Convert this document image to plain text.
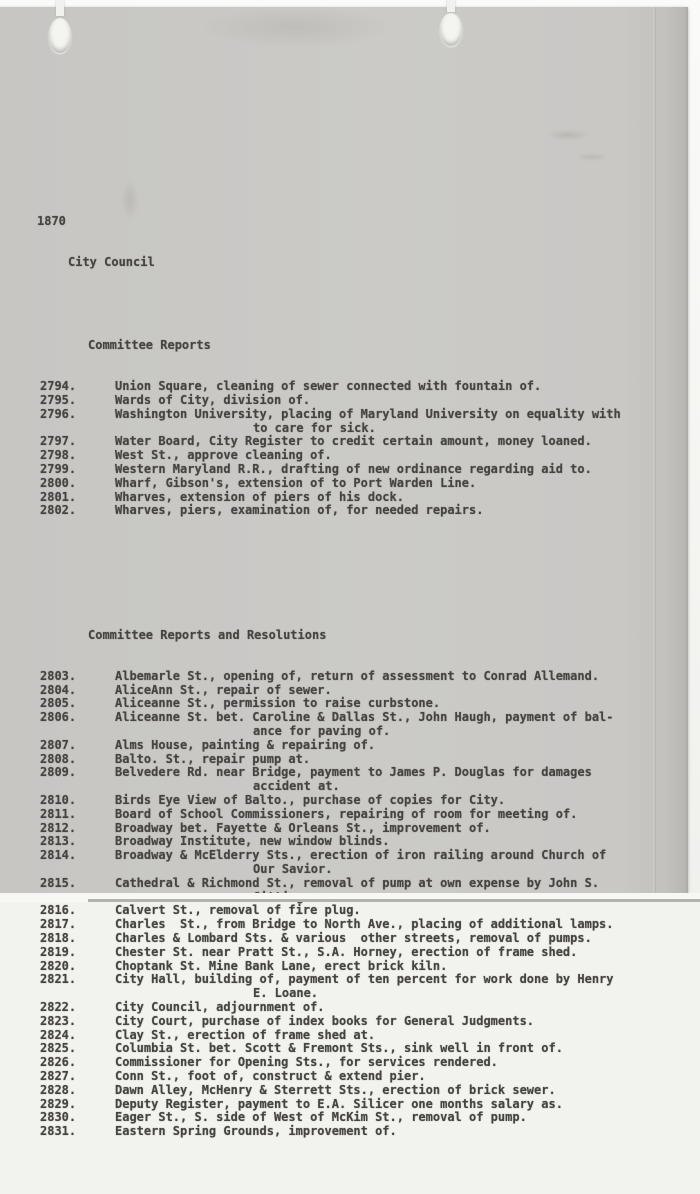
1870

City Council

Committee Reports

2794.	Union Square, cleaning of sewer connected with fountain of.
2795.	Wards of City, division of.
2796.	Washington University, placing of Maryland University on equality with
to care for sick.
2797.	Water Board, City Register to credit certain amount, money loaned.
2798.	West St., approve cleaning of.
2799.	Western Maryland R.R., drafting of new ordinance regarding aid to.
2800.	Wharf, Gibson's, extension of to Port Warden Line.
2801.	Wharves, extension of piers of his dock.
2802.	Wharves, piers, examination of, for needed repairs.

Committee Reports and Resolutions

2803.	Albemarle St., opening of, return of assessment to Conrad Allemand.
2804.	AliceAnn St., repair of sewer.
2805.	Aliceanne St., permission to raise curbstone.
2806.	Aliceanne St. bet. Caroline & Dallas St., John Haugh, payment of bal-
ance for paving of.
2807.	Alms House, painting & repairing of.
2808.	Balto. St., repair pump at.
2809.	Belvedere Rd. near Bridge, payment to James P. Douglas for damages
accident at.
2810.	Birds Eye View of Balto., purchase of copies for City.
2811.	Board of School Commissioners, repairing of room for meeting of.
2812.	Broadway bet. Fayette & Orleans St., improvement of.
2813.	Broadway Institute, new window blinds.
2814.	Broadway & McElderry Sts., erection of iron railing around Church of
Our Savior.
2815.	Cathedral & Richmond St., removal of pump at own expense by John S.
2816.	Calvert St., removal of fire plug.
2817.	Charles  St., from Bridge to North Ave., placing of additional lamps.
2818.	Charles & Lombard Sts. & various  other streets, removal of pumps.
2819.	Chester St. near Pratt St., S.A. Horney, erection of frame shed.
2820.	Choptank St. Mine Bank Lane, erect brick kiln.
2821.	City Hall, building of, payment of ten percent for work done by Henry
E. Loane.
2822.	City Council, adjournment of.
2823.	City Court, purchase of index books for General Judgments.
2824.	Clay St., erection of frame shed at.
2825.	Columbia St. bet. Scott & Fremont Sts., sink well in front of.
2826.	Commissioner for Opening Sts., for services rendered.
2827.	Conn St., foot of, construct & extend pier.
2828.	Dawn Alley, McHenry & Sterrett Sts., erection of brick sewer.
2829.	Deputy Register, payment to E.A. Silicer one months salary as.
2830.	Eager St., S. side of West of McKim St., removal of pump.
2831.	Eastern Spring Grounds, improvement of.
